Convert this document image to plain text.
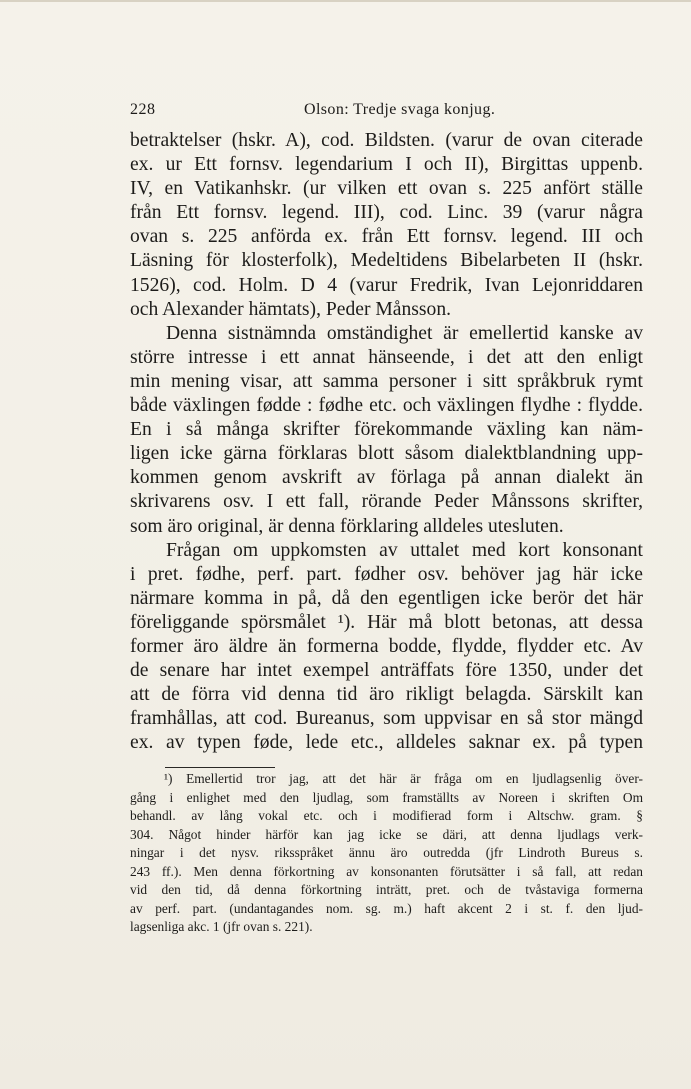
228	Olson: Tredje svaga konjug.
betraktelser (hskr. A), cod. Bildsten. (varur de ovan citerade
ex. ur Ett fornsv. legendarium I och II), Birgittas uppenb.
IV, en Vatikanhskr. (ur vilken ett ovan s. 225 anfört ställe
från Ett fornsv. legend. III), cod. Linc. 39 (varur några
ovan s. 225 anförda ex. från Ett fornsv. legend. III och
Läsning för klosterfolk), Medeltidens Bibelarbeten II (hskr.
1526), cod. Holm. D 4 (varur Fredrik, Ivan Lejonriddaren
och Alexander hämtats), Peder Månsson.
Denna sistnämnda omständighet är emellertid kanske av
större intresse i ett annat hänseende, i det att den enligt
min mening visar, att samma personer i sitt språkbruk rymt
både växlingen fødde : fødhe etc. och växlingen flydhe : flydde.
En i så många skrifter förekommande växling kan näm-
ligen icke gärna förklaras blott såsom dialektblandning upp-
kommen genom avskrift av förlaga på annan dialekt än
skrivarens osv. I ett fall, rörande Peder Månssons skrifter,
som äro original, är denna förklaring alldeles utesluten.
Frågan om uppkomsten av uttalet med kort konsonant
i pret. fødhe, perf. part. fødher osv. behöver jag här icke
närmare komma in på, då den egentligen icke berör det här
föreliggande spörsmålet ¹). Här må blott betonas, att dessa
former äro äldre än formerna bodde, flydde, flydder etc. Av
de senare har intet exempel anträffats före 1350, under det
att de förra vid denna tid äro rikligt belagda. Särskilt kan
framhållas, att cod. Bureanus, som uppvisar en så stor mängd
ex. av typen føde, lede etc., alldeles saknar ex. på typen
¹) Emellertid tror jag, att det här är fråga om en ljudlagsenlig över-
gång i enlighet med den ljudlag, som framställts av Noreen i skriften Om
behandl. av lång vokal etc. och i modifierad form i Altschw. gram. §
304. Något hinder härför kan jag icke se däri, att denna ljudlags verk-
ningar i det nysv. riksspråket ännu äro outredda (jfr Lindroth Bureus s.
243 ff.). Men denna förkortning av konsonanten förutsätter i så fall, att redan
vid den tid, då denna förkortning inträtt, pret. och de tvåstaviga formerna
av perf. part. (undantagandes nom. sg. m.) haft akcent 2 i st. f. den ljud-
lagsenliga akc. 1 (jfr ovan s. 221).
